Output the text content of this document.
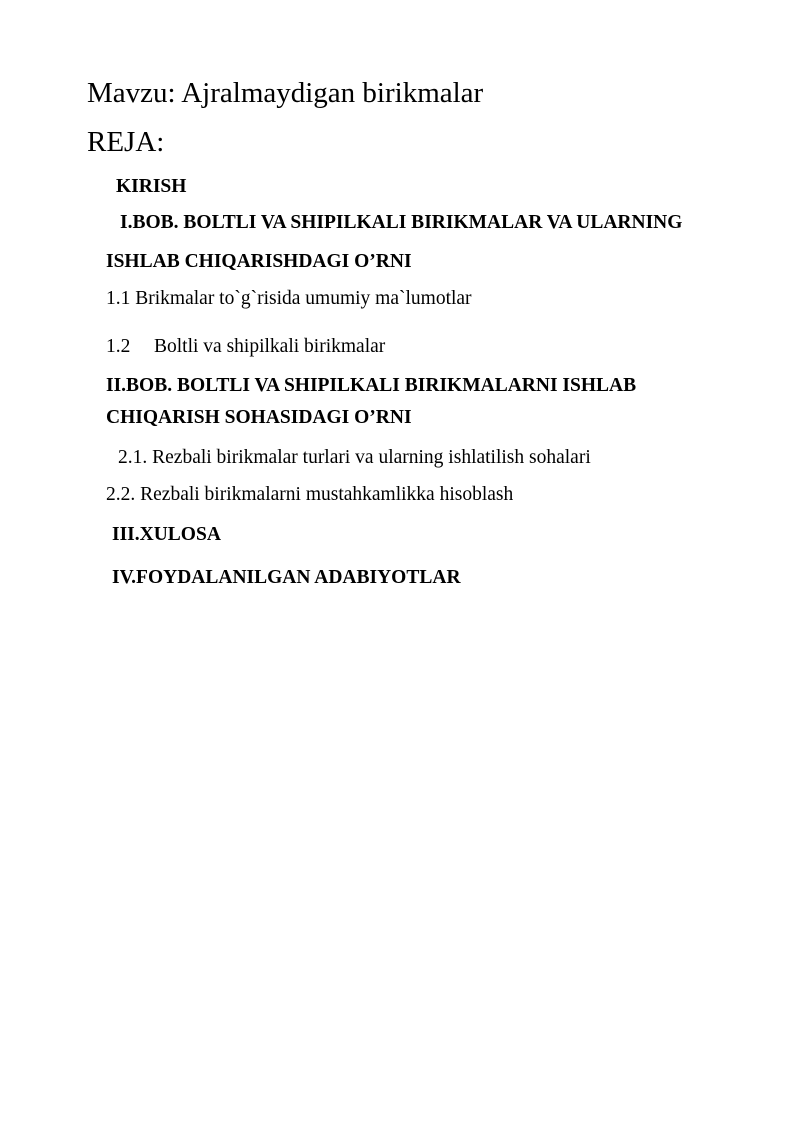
Mavzu: Ajralmaydigan birikmalar
REJA:
KIRISH
I.BOB. BOLTLI VA SHIPILKALI BIRIKMALAR VA ULARNING
ISHLAB CHIQARISHDAGI O’RNI
1.1 Brikmalar to`g`risida umumiy ma`lumotlar
1.2 Boltli va shipilkali birikmalar
II.BOB. BOLTLI VA SHIPILKALI BIRIKMALARNI ISHLAB
CHIQARISH SOHASIDAGI O’RNI
2.1. Rezbali birikmalar turlari va ularning ishlatilish sohalari
2.2. Rezbali birikmalarni mustahkamlikka hisoblash
III.XULOSA
IV.FOYDALANILGAN ADABIYOTLAR
